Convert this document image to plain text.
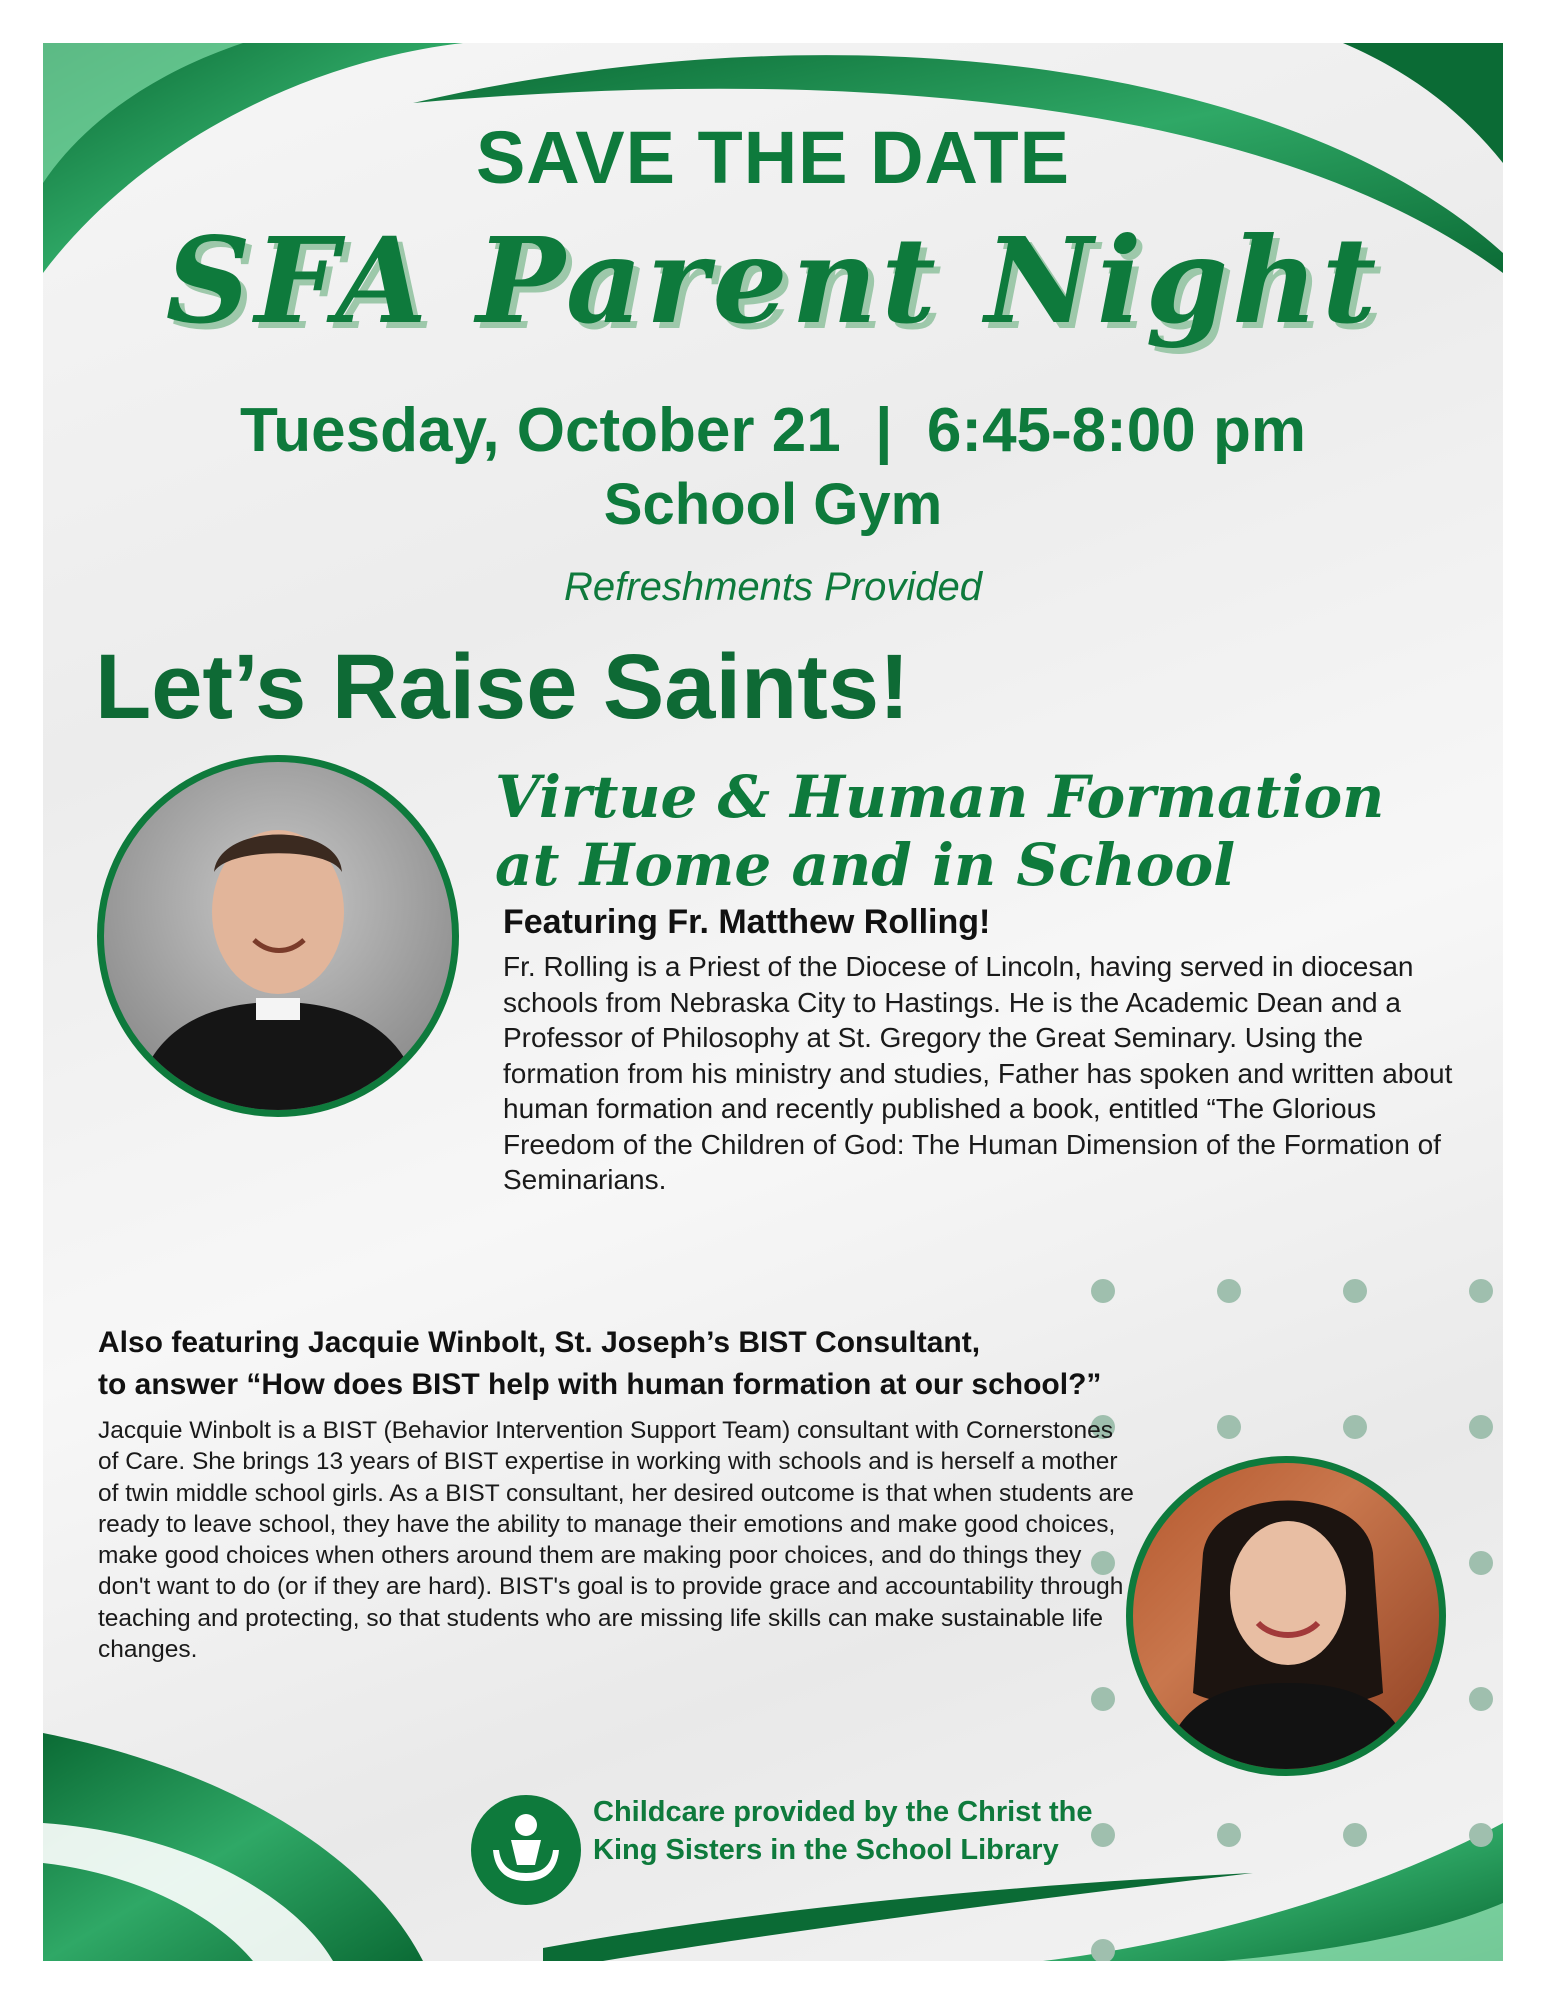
SAVE THE DATE
SFA Parent Night
Tuesday, October 21  |  6:45-8:00 pm
School Gym
Refreshments Provided
Let’s Raise Saints!
Virtue & Human Formation
at Home and in School
Featuring Fr. Matthew Rolling!
Fr. Rolling is a Priest of the Diocese of Lincoln, having served in diocesan schools from Nebraska City to Hastings. He is the Academic Dean and a Professor of Philosophy at St. Gregory the Great Seminary. Using the formation from his ministry and studies, Father has spoken and written about human formation and recently published a book, entitled “The Glorious Freedom of the Children of God: The Human Dimension of the Formation of Seminarians.
Also featuring Jacquie Winbolt, St. Joseph’s BIST Consultant,
to answer “How does BIST help with human formation at our school?”
Jacquie Winbolt is a BIST (Behavior Intervention Support Team) consultant with Cornerstones of Care. She brings 13 years of BIST expertise in working with schools and is herself a mother of twin middle school girls. As a BIST consultant, her desired outcome is that when students are ready to leave school, they have the ability to manage their emotions and make good choices, make good choices when others around them are making poor choices, and do things they don't want to do (or if they are hard). BIST's goal is to provide grace and accountability through teaching and protecting, so that students who are missing life skills can make sustainable life changes.
Childcare provided by the Christ the King Sisters in the School Library
